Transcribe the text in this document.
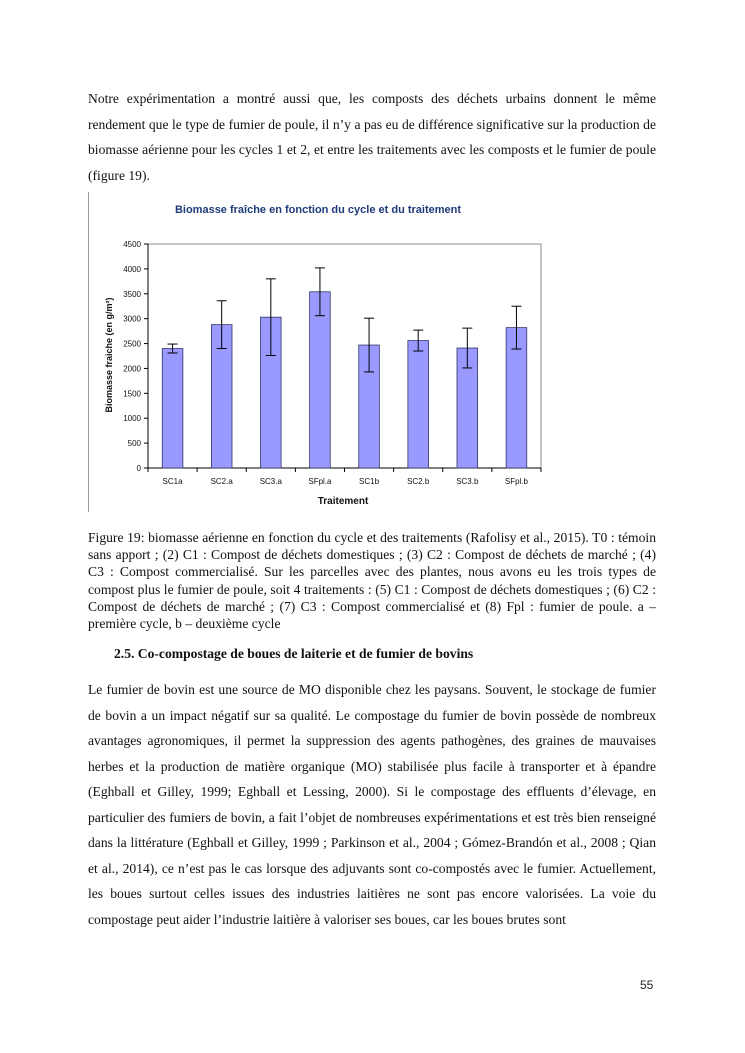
Notre expérimentation a montré aussi que, les composts des déchets urbains donnent le même rendement que le type de fumier de poule, il n’y a pas eu de différence significative sur la production de biomasse aérienne pour les cycles 1 et 2, et entre les traitements avec les composts et le fumier de poule (figure 19).

Biomasse fraîche en fonction du cycle et du traitement
Traitement
Biomasse fraiche (en g/m²)
0
500
1000
1500
2000
2500
3000
3500
4000
4500
SC1a	SC2.a	SC3.a	SFpl.a	SC1b	SC2.b	SC3.b	SFpl.b

Figure 19: biomasse aérienne en fonction du cycle et des traitements (Rafolisy et al., 2015). T0 : témoin sans apport ; (2) C1 : Compost de déchets domestiques ; (3) C2 : Compost de déchets de marché ; (4) C3 : Compost commercialisé. Sur les parcelles avec des plantes, nous avons eu les trois types de compost plus le fumier de poule, soit 4 traitements : (5) C1 : Compost de déchets domestiques ; (6) C2 : Compost de déchets de marché ; (7) C3 : Compost commercialisé et (8) Fpl : fumier de poule. a – première cycle, b – deuxième cycle

2.5. Co-compostage de boues de laiterie et de fumier de bovins

Le fumier de bovin est une source de MO disponible chez les paysans. Souvent, le stockage de fumier de bovin a un impact négatif sur sa qualité. Le compostage du fumier de bovin possède de nombreux avantages agronomiques, il permet la suppression des agents pathogènes, des graines de mauvaises herbes et la production de matière organique (MO) stabilisée plus facile à transporter et à épandre (Eghball et Gilley, 1999; Eghball et Lessing, 2000). Si le compostage des effluents d’élevage, en particulier des fumiers de bovin, a fait l’objet de nombreuses expérimentations et est très bien renseigné dans la littérature (Eghball et Gilley, 1999 ; Parkinson et al., 2004 ; Gómez-Brandón et al., 2008 ; Qian et al., 2014), ce n’est pas le cas lorsque des adjuvants sont co-compostés avec le fumier. Actuellement, les boues surtout celles issues des industries laitières ne sont pas encore valorisées. La voie du compostage peut aider l’industrie laitière à valoriser ses boues, car les boues brutes sont

55
